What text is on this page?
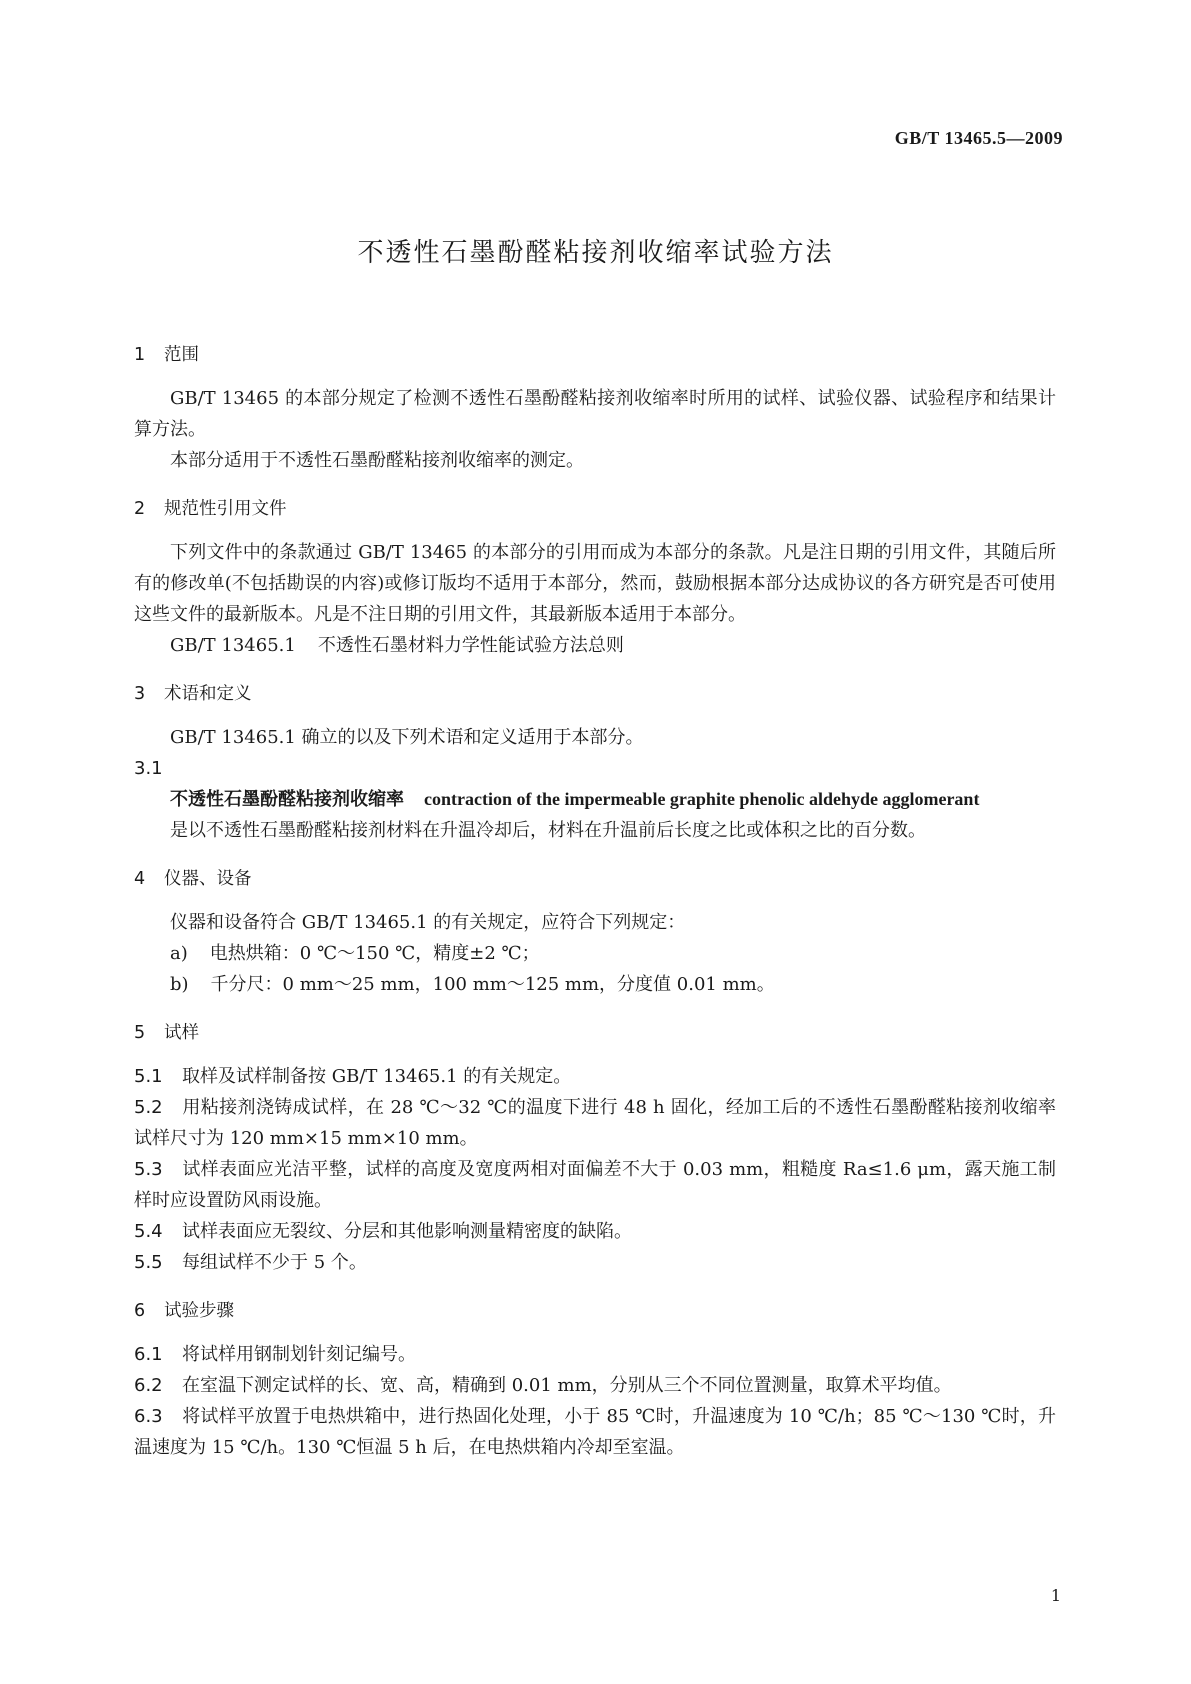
GB/T 13465.5—2009
不透性石墨酚醛粘接剂收缩率试验方法
1 范围

GB/T 13465 的本部分规定了检测不透性石墨酚醛粘接剂收缩率时所用的试样、试验仪器、试验程序和结果计算方法。

本部分适用于不透性石墨酚醛粘接剂收缩率的测定。

2 规范性引用文件

下列文件中的条款通过 GB/T 13465 的本部分的引用而成为本部分的条款。凡是注日期的引用文件，其随后所有的修改单(不包括勘误的内容)或修订版均不适用于本部分，然而，鼓励根据本部分达成协议的各方研究是否可使用这些文件的最新版本。凡是不注日期的引用文件，其最新版本适用于本部分。

GB/T 13465.1 不透性石墨材料力学性能试验方法总则

3 术语和定义

GB/T 13465.1 确立的以及下列术语和定义适用于本部分。

3.1

不透性石墨酚醛粘接剂收缩率 contraction of the impermeable graphite phenolic aldehyde agglomerant

是以不透性石墨酚醛粘接剂材料在升温冷却后，材料在升温前后长度之比或体积之比的百分数。

4 仪器、设备

仪器和设备符合 GB/T 13465.1 的有关规定，应符合下列规定：

a) 电热烘箱：0 ℃～150 ℃，精度±2 ℃；

b) 千分尺：0 mm～25 mm，100 mm～125 mm，分度值 0.01 mm。

5 试样

5.1 取样及试样制备按 GB/T 13465.1 的有关规定。

5.2 用粘接剂浇铸成试样，在 28 ℃～32 ℃的温度下进行 48 h 固化，经加工后的不透性石墨酚醛粘接剂收缩率试样尺寸为 120 mm×15 mm×10 mm。

5.3 试样表面应光洁平整，试样的高度及宽度两相对面偏差不大于 0.03 mm，粗糙度 Ra≤1.6 μm，露天施工制样时应设置防风雨设施。

5.4 试样表面应无裂纹、分层和其他影响测量精密度的缺陷。

5.5 每组试样不少于 5 个。

6 试验步骤

6.1 将试样用钢制划针刻记编号。

6.2 在室温下测定试样的长、宽、高，精确到 0.01 mm，分别从三个不同位置测量，取算术平均值。

6.3 将试样平放置于电热烘箱中，进行热固化处理，小于 85 ℃时，升温速度为 10 ℃/h；85 ℃～130 ℃时，升温速度为 15 ℃/h。130 ℃恒温 5 h 后，在电热烘箱内冷却至室温。

1
